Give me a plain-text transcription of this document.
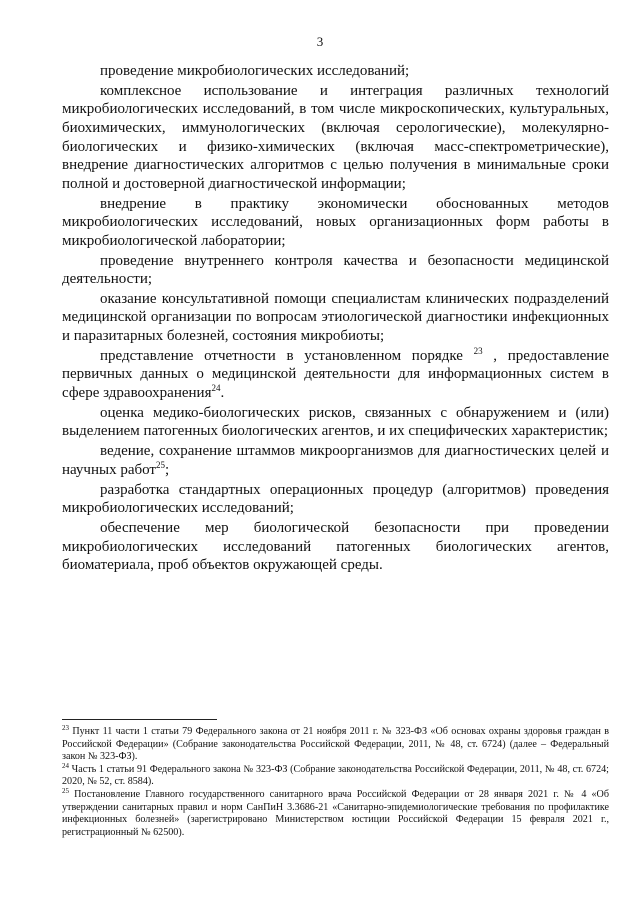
3

проведение микробиологических исследований;

комплексное использование и интеграция различных технологий микробиологических исследований, в том числе микроскопических, культуральных, биохимических, иммунологических (включая серологические), молекулярно-биологических и физико-химических (включая масс-спектрометрические), внедрение диагностических алгоритмов с целью получения в минимальные сроки полной и достоверной диагностической информации;

внедрение в практику экономически обоснованных методов микробиологических исследований, новых организационных форм работы в микробиологической лаборатории;

проведение внутреннего контроля качества и безопасности медицинской деятельности;

оказание консультативной помощи специалистам клинических подразделений медицинской организации по вопросам этиологической диагностики инфекционных и паразитарных болезней, состояния микробиоты;

представление отчетности в установленном порядке $^{23}$ , предоставление первичных данных о медицинской деятельности для информационных систем в сфере здравоохранения$^{24}$.

оценка медико-биологических рисков, связанных с обнаружением и (или) выделением патогенных биологических агентов, и их специфических характеристик;

ведение, сохранение штаммов микроорганизмов для диагностических целей и научных работ$^{25}$;

разработка стандартных операционных процедур (алгоритмов) проведения микробиологических исследований;

обеспечение мер биологической безопасности при проведении микробиологических исследований патогенных биологических агентов, биоматериала, проб объектов окружающей среды.

$^{23}$ Пункт 11 части 1 статьи 79 Федерального закона от 21 ноября 2011 г. № 323-ФЗ «Об основах охраны здоровья граждан в Российской Федерации» (Собрание законодательства Российской Федерации, 2011, № 48, ст. 6724) (далее – Федеральный закон № 323-ФЗ).

$^{24}$ Часть 1 статьи 91 Федерального закона № 323-ФЗ (Собрание законодательства Российской Федерации, 2011, № 48, ст. 6724; 2020, № 52, ст. 8584).

$^{25}$ Постановление Главного государственного санитарного врача Российской Федерации от 28 января 2021 г. № 4 «Об утверждении санитарных правил и норм СанПиН 3.3686-21 «Санитарно-эпидемиологические требования по профилактике инфекционных болезней» (зарегистрировано Министерством юстиции Российской Федерации 15 февраля 2021 г., регистрационный № 62500).
